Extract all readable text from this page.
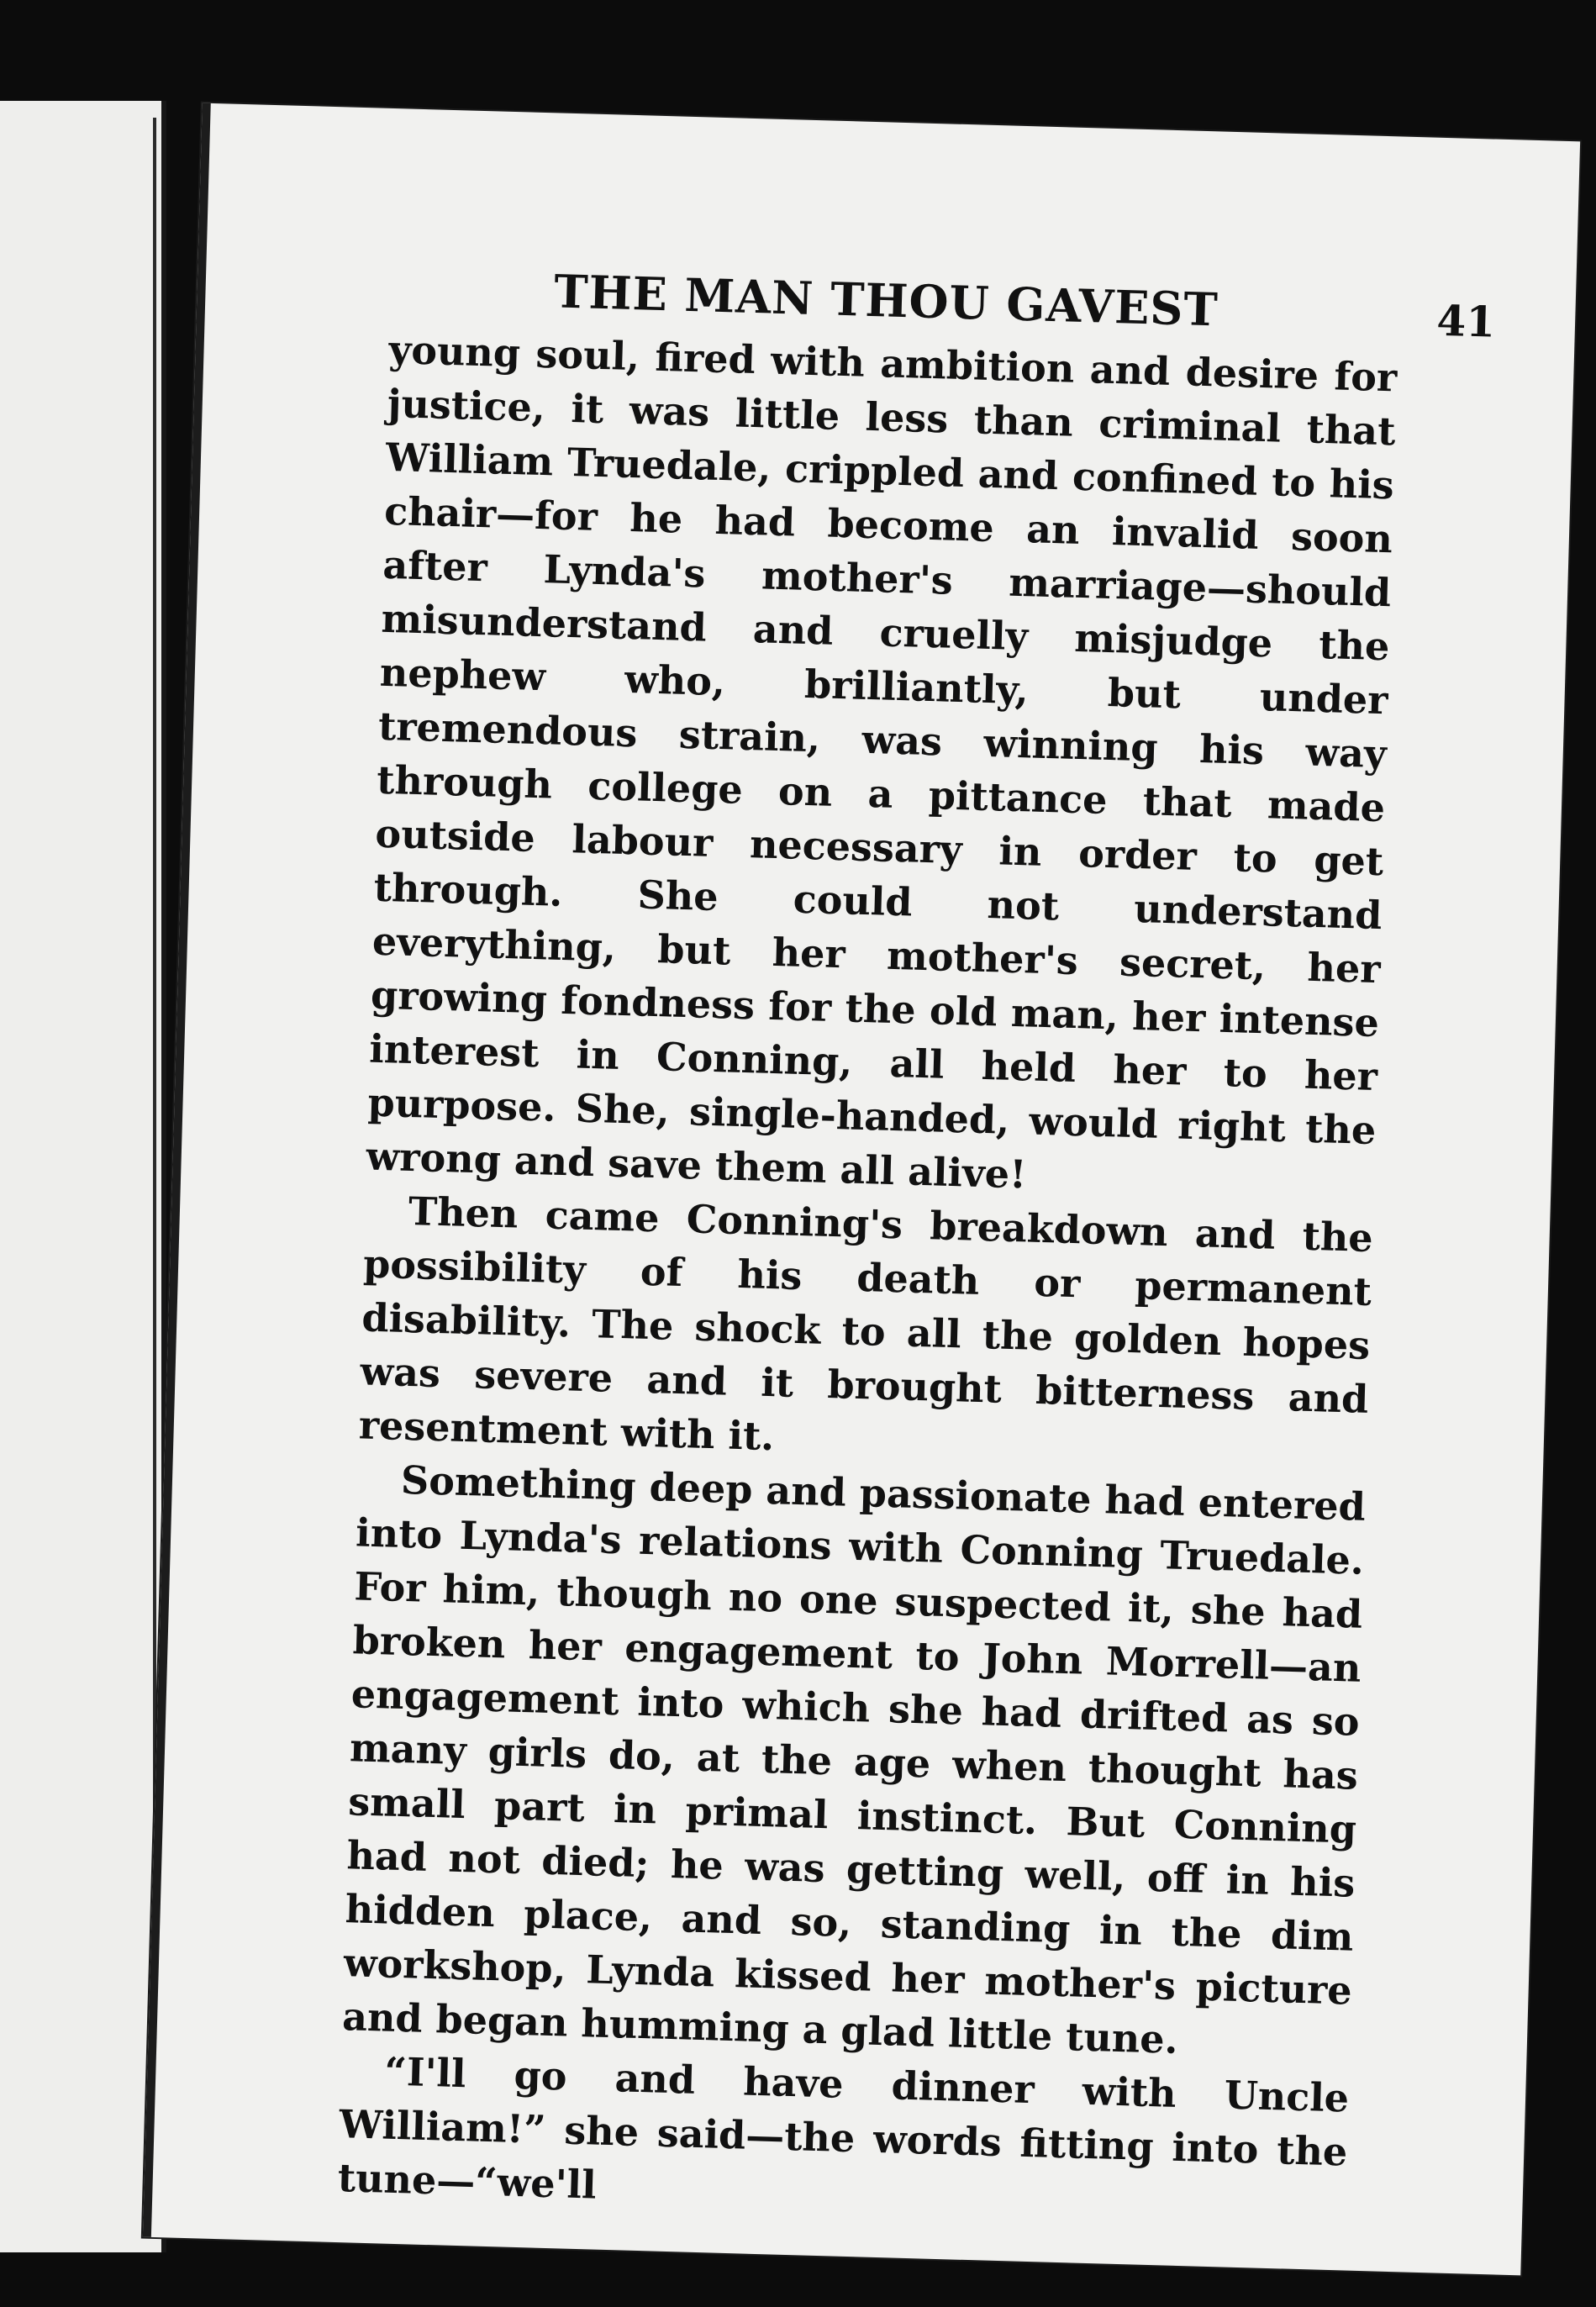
THE MAN THOU GAVEST	41

young soul, fired with ambition and desire for justice, it was little less than criminal that William Truedale, crippled and confined to his chair—for he had become an invalid soon after Lynda's mother's marriage—should misunderstand and cruelly misjudge the nephew who, brilliantly, but under tremendous strain, was winning his way through college on a pittance that made outside labour necessary in order to get through. She could not understand everything, but her mother's secret, her growing fondness for the old man, her intense interest in Conning, all held her to her purpose. She, single-handed, would right the wrong and save them all alive!

Then came Conning's breakdown and the possibility of his death or permanent disability. The shock to all the golden hopes was severe and it brought bitterness and resentment with it.

Something deep and passionate had entered into Lynda's relations with Conning Truedale. For him, though no one suspected it, she had broken her engagement to John Morrell—an engagement into which she had drifted as so many girls do, at the age when thought has small part in primal instinct. But Conning had not died; he was getting well, off in his hidden place, and so, standing in the dim workshop, Lynda kissed her mother's picture and began humming a glad little tune.

“I'll go and have dinner with Uncle William!” she said—the words fitting into the tune—“we'll
